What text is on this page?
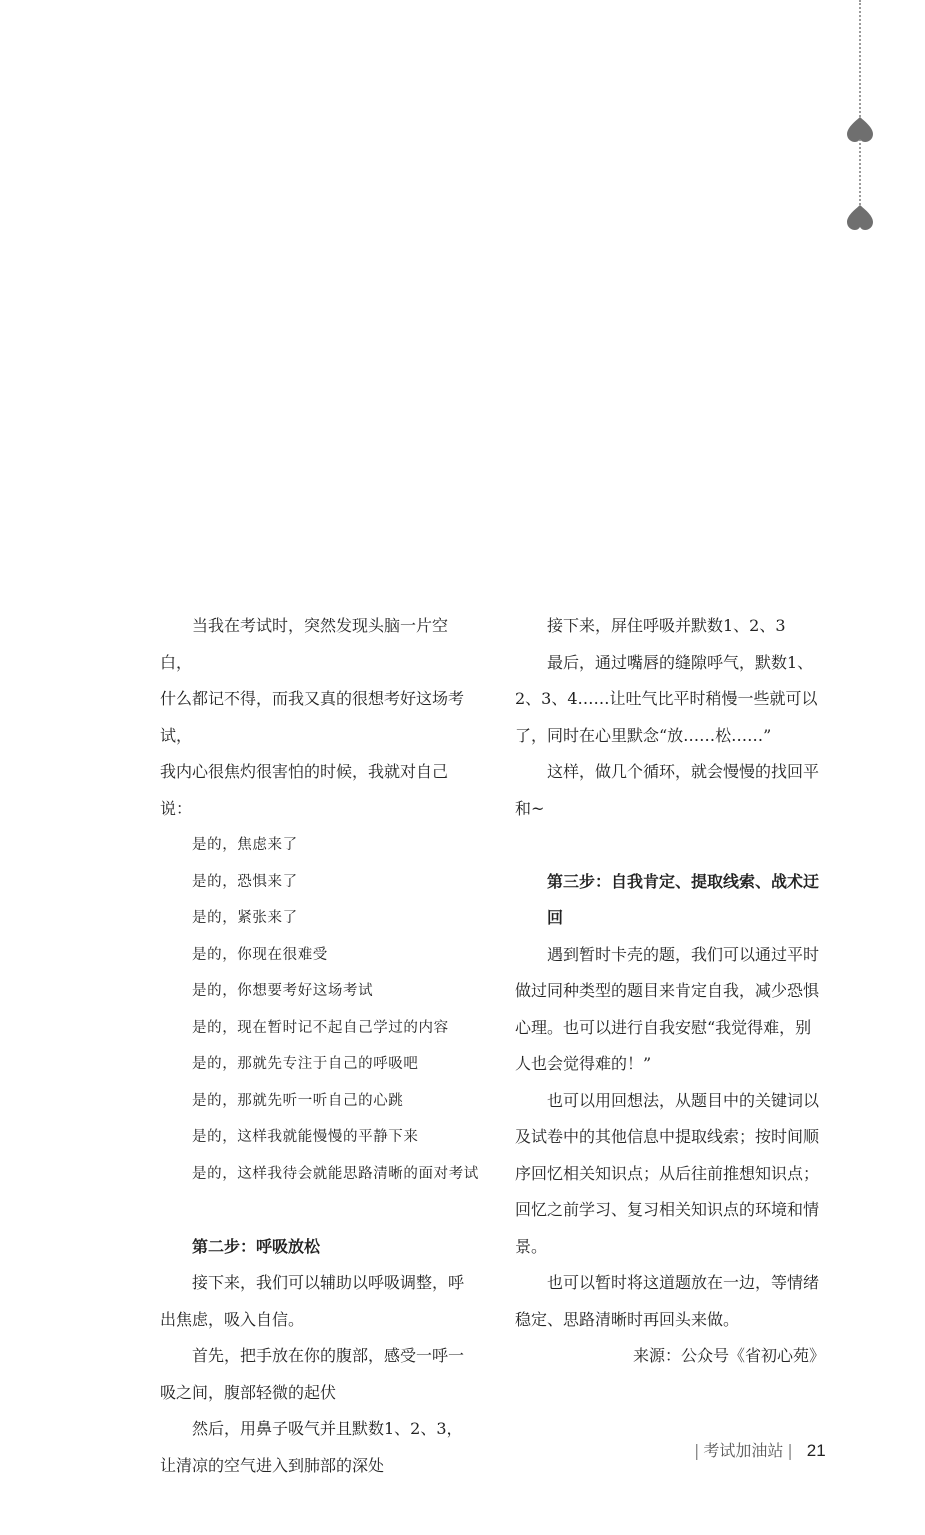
当我在考试时，突然发现头脑一片空白，

什么都记不得，而我又真的很想考好这场考试，

我内心很焦灼很害怕的时候，我就对自己说：

是的，焦虑来了

是的，恐惧来了

是的，紧张来了

是的，你现在很难受

是的，你想要考好这场考试

是的，现在暂时记不起自己学过的内容

是的，那就先专注于自己的呼吸吧

是的，那就先听一听自己的心跳

是的，这样我就能慢慢的平静下来

是的，这样我待会就能思路清晰的面对考试

第二步：呼吸放松

接下来，我们可以辅助以呼吸调整，呼出焦虑，吸入自信。

首先，把手放在你的腹部，感受一呼一吸之间，腹部轻微的起伏

然后，用鼻子吸气并且默数1、2、3，让清凉的空气进入到肺部的深处

接下来，屏住呼吸并默数1、2、3

最后，通过嘴唇的缝隙呼气，默数1、2、3、4……让吐气比平时稍慢一些就可以了，同时在心里默念“放……松……”

这样，做几个循环，就会慢慢的找回平和~

第三步：自我肯定、提取线索、战术迂回

遇到暂时卡壳的题，我们可以通过平时做过同种类型的题目来肯定自我，减少恐惧心理。也可以进行自我安慰“我觉得难，别人也会觉得难的！”

也可以用回想法，从题目中的关键词以及试卷中的其他信息中提取线索；按时间顺序回忆相关知识点；从后往前推想知识点；回忆之前学习、复习相关知识点的环境和情景。

也可以暂时将这道题放在一边，等情绪稳定、思路清晰时再回头来做。

来源：公众号《省初心苑》

| 考试加油站 | 21
